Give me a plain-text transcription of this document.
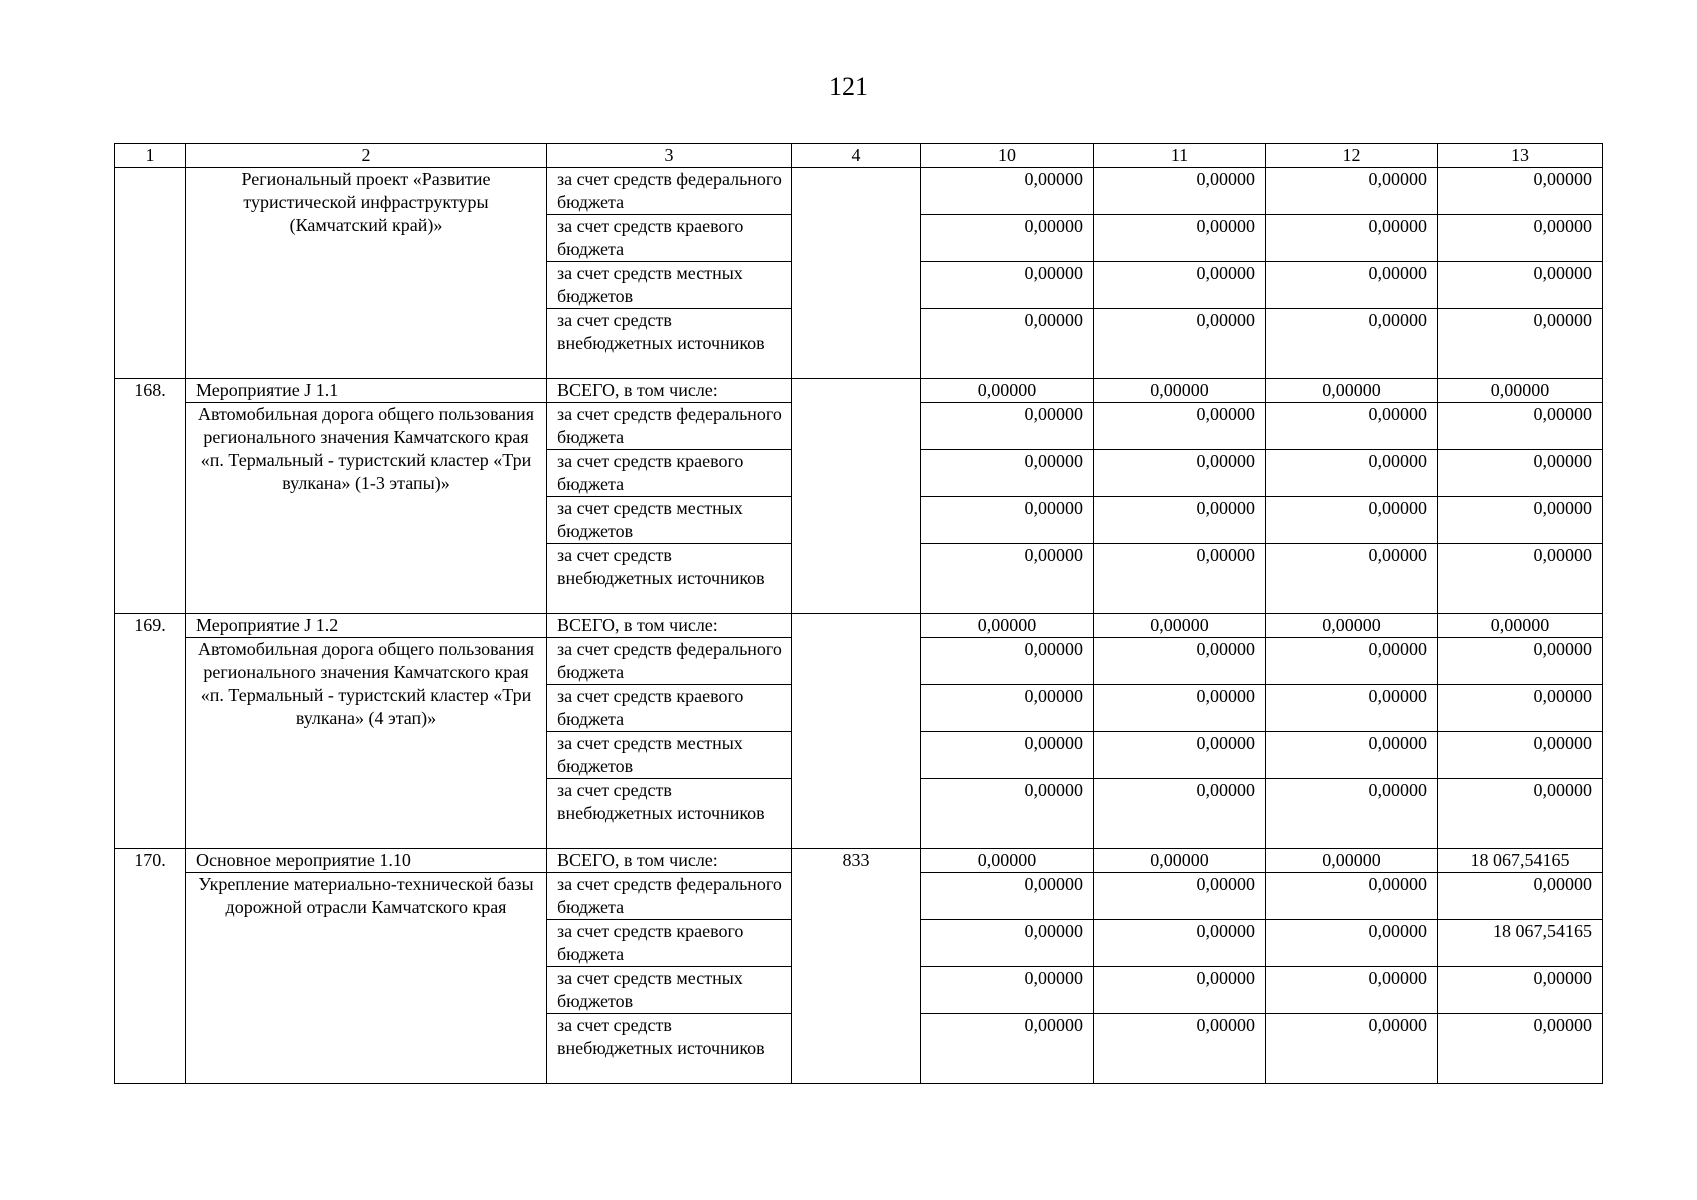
121
1	2	3	4	10	11	12	13
	Региональный проект «Развитие туристической инфраструктуры (Камчатский край)»	за счет средств федерального бюджета		0,00000	0,00000	0,00000	0,00000
		за счет средств краевого бюджета		0,00000	0,00000	0,00000	0,00000
		за счет средств местных бюджетов		0,00000	0,00000	0,00000	0,00000
		за счет средств внебюджетных источников		0,00000	0,00000	0,00000	0,00000
168.	Мероприятие J 1.1	ВСЕГО, в том числе:		0,00000	0,00000	0,00000	0,00000
	Автомобильная дорога общего пользования регионального значения Камчатского края «п. Термальный - туристский кластер «Три вулкана» (1-3 этапы)»	за счет средств федерального бюджета		0,00000	0,00000	0,00000	0,00000
		за счет средств краевого бюджета		0,00000	0,00000	0,00000	0,00000
		за счет средств местных бюджетов		0,00000	0,00000	0,00000	0,00000
		за счет средств внебюджетных источников		0,00000	0,00000	0,00000	0,00000
169.	Мероприятие J 1.2	ВСЕГО, в том числе:		0,00000	0,00000	0,00000	0,00000
	Автомобильная дорога общего пользования регионального значения Камчатского края «п. Термальный - туристский кластер «Три вулкана» (4 этап)»	за счет средств федерального бюджета		0,00000	0,00000	0,00000	0,00000
		за счет средств краевого бюджета		0,00000	0,00000	0,00000	0,00000
		за счет средств местных бюджетов		0,00000	0,00000	0,00000	0,00000
		за счет средств внебюджетных источников		0,00000	0,00000	0,00000	0,00000
170.	Основное мероприятие 1.10	ВСЕГО, в том числе:	833	0,00000	0,00000	0,00000	18 067,54165
	Укрепление материально-технической базы дорожной отрасли Камчатского края	за счет средств федерального бюджета		0,00000	0,00000	0,00000	0,00000
		за счет средств краевого бюджета		0,00000	0,00000	0,00000	18 067,54165
		за счет средств местных бюджетов		0,00000	0,00000	0,00000	0,00000
		за счет средств внебюджетных источников		0,00000	0,00000	0,00000	0,00000
